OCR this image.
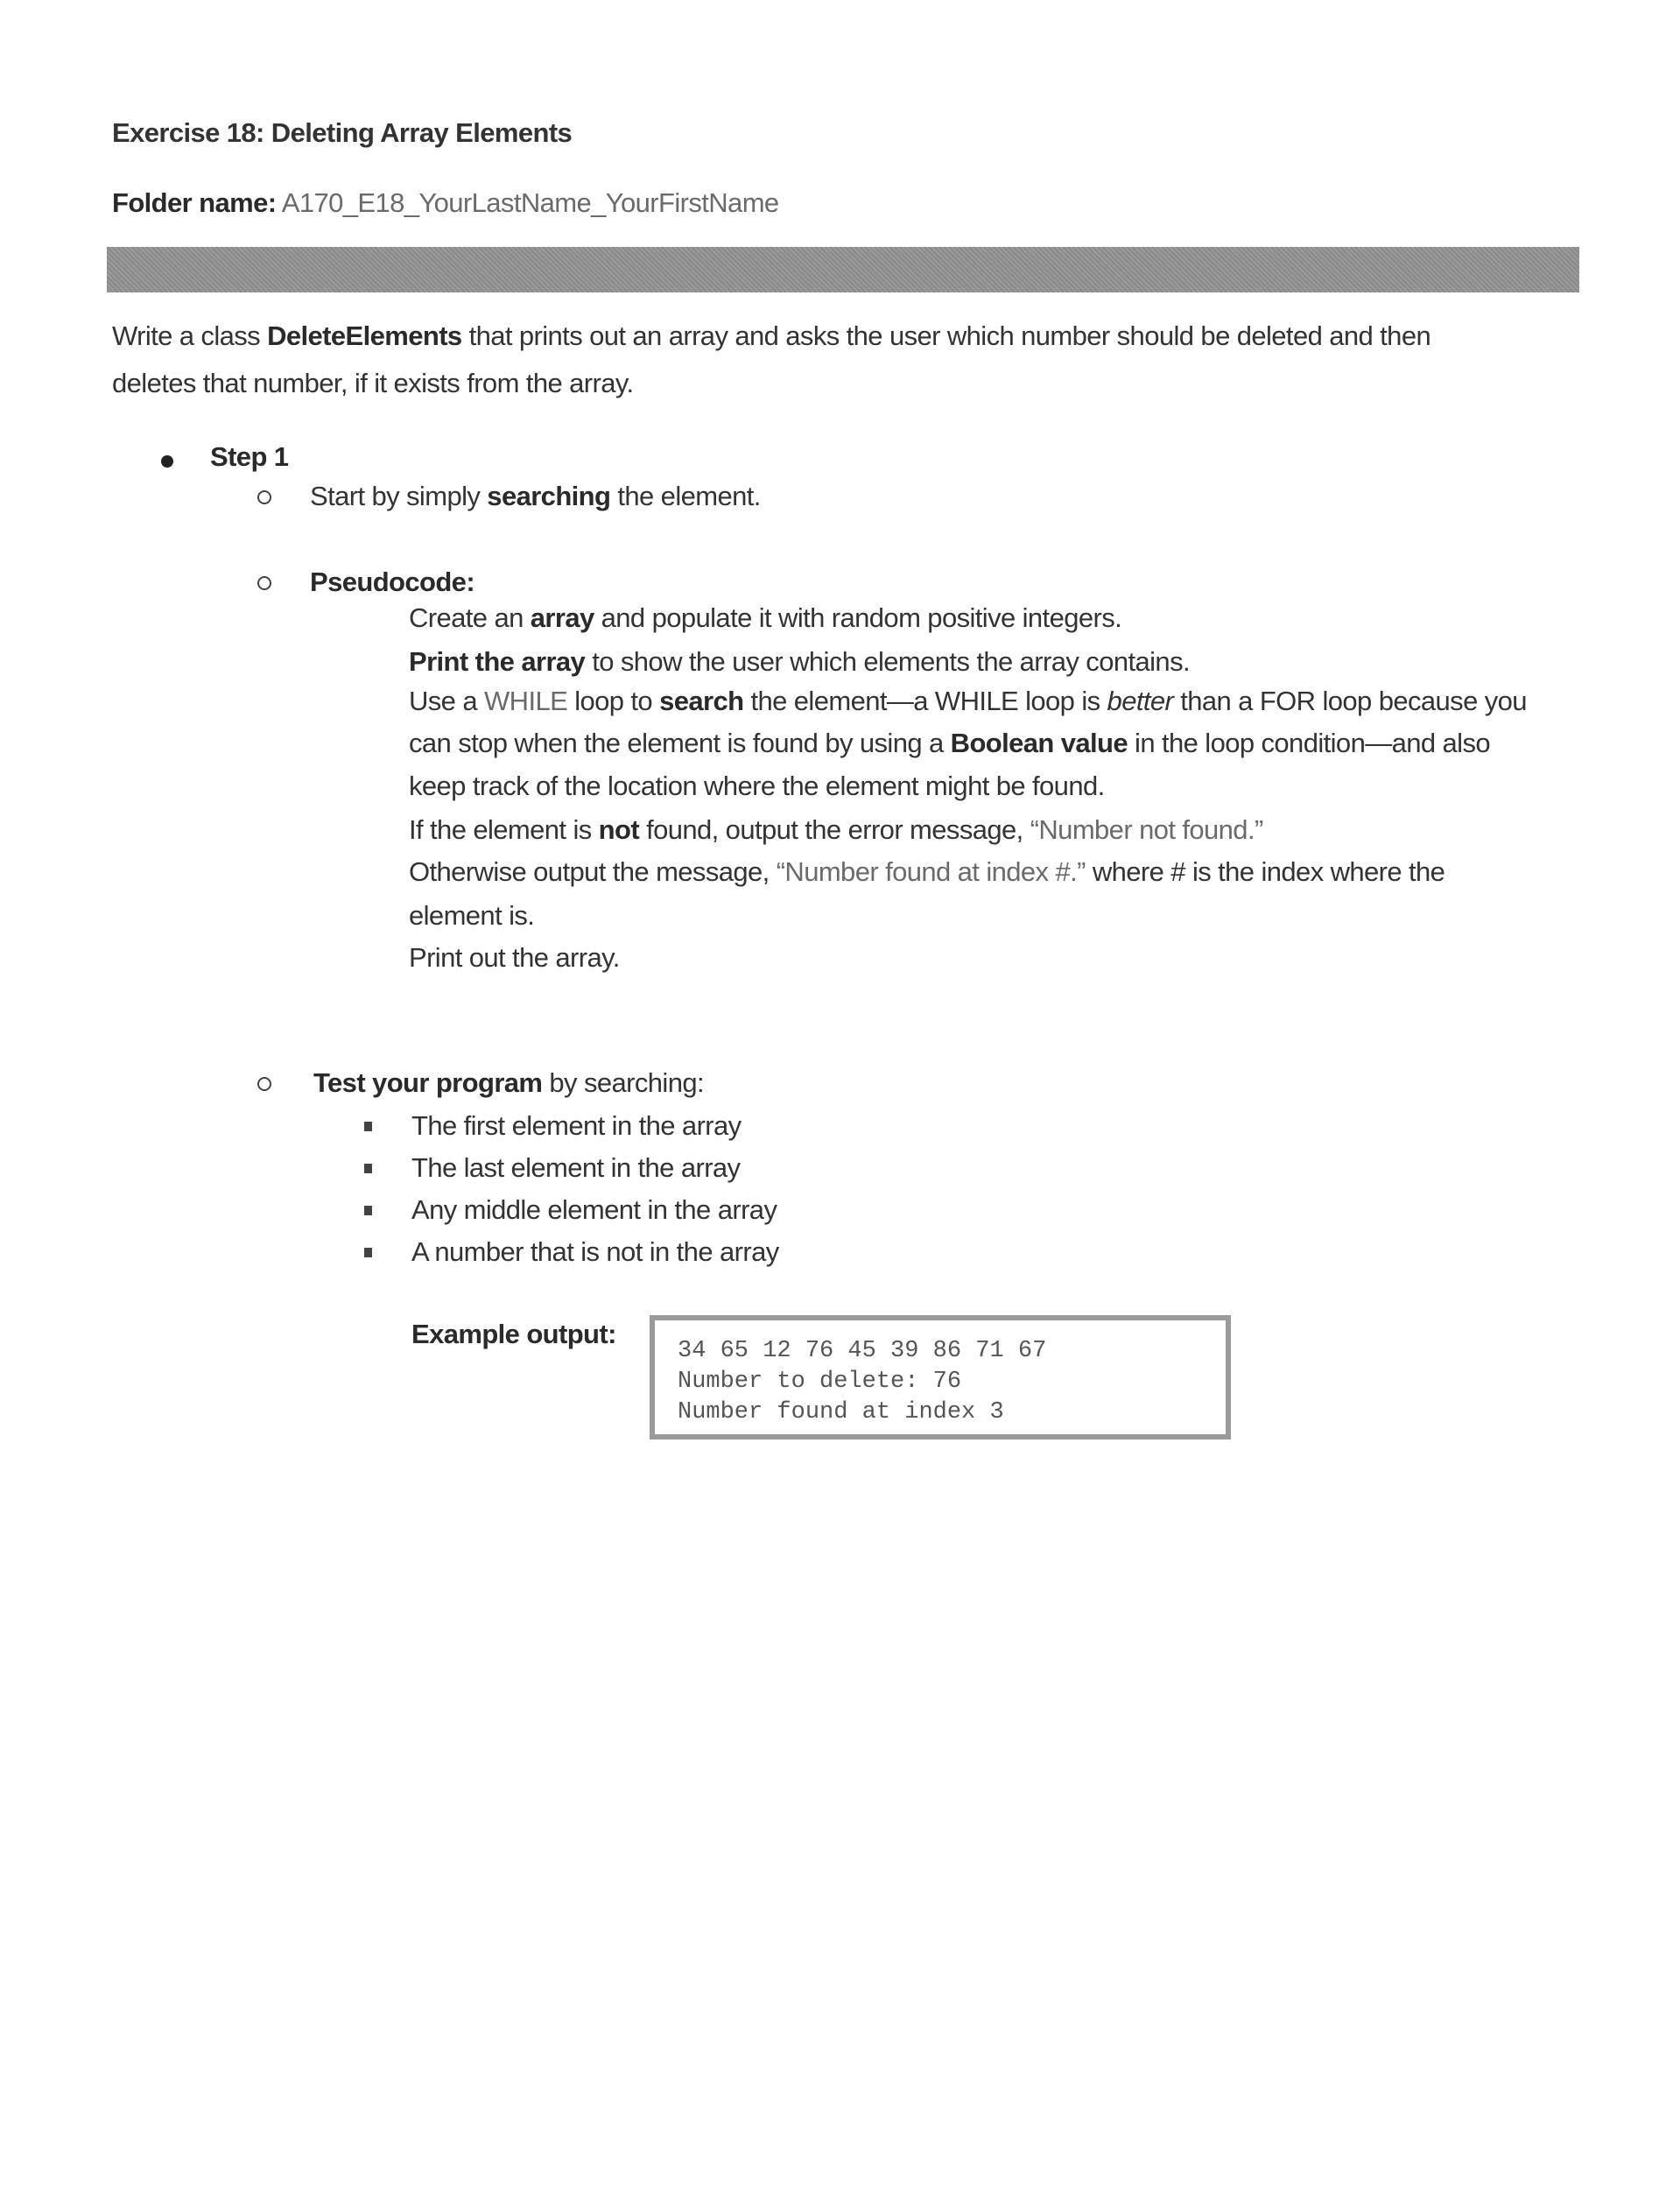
Exercise 18: Deleting Array Elements
Folder name: A170_E18_YourLastName_YourFirstName
Write a class DeleteElements that prints out an array and asks the user which number should be deleted and then
deletes that number, if it exists from the array.
Step 1
Start by simply searching the element.
Pseudocode:
Create an array and populate it with random positive integers.
Print the array to show the user which elements the array contains.
Use a WHILE loop to search the element—a WHILE loop is better than a FOR loop because you
can stop when the element is found by using a Boolean value in the loop condition—and also
keep track of the location where the element might be found.
If the element is not found, output the error message, “Number not found.”
Otherwise output the message, “Number found at index #.” where # is the index where the
element is.
Print out the array.
Test your program by searching:
The first element in the array
The last element in the array
Any middle element in the array
A number that is not in the array
Example output:
34 65 12 76 45 39 86 71 67
Number to delete: 76
Number found at index 3
